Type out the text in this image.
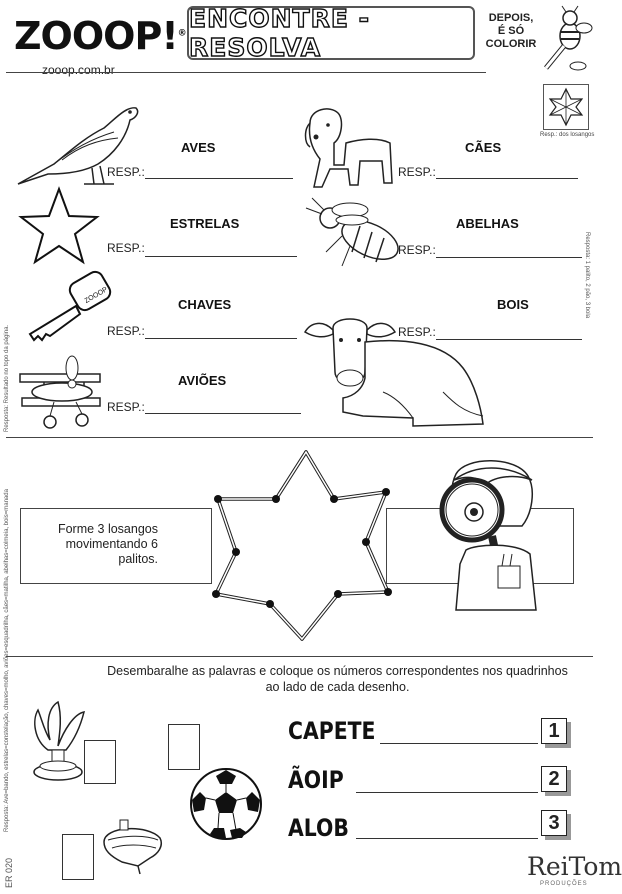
ZOOOP!®
zooop.com.br
ENCONTRE - RESOLVA
DEPOIS,
É SÓ
COLORIR
Resp.: dos losangos
AVES
RESP.:
CÃES
RESP.:
ESTRELAS
RESP.:
ABELHAS
RESP.:
ZOOOP	CHAVES
RESP.:
BOIS
RESP.:
AVIÕES
RESP.:
Resposta: 1 palito, 2 pão, 3 bola
Resposta: Resultado no topo da página.
Resposta: Ave=bando, estrelas=constelação, chaves=molho, aviões=esquadrilha, cães=matilha, abelhas=colmeia, bois=manada	Forme 3 losangos movimentando 6 palitos.
Desembaralhe as palavras e coloque os números correspondentes nos quadrinhos ao lado de cada desenho.
CAPETE	1
ÃOIP	2
ALOB	3
ER 020	ReiTom
PRODUÇÕES
